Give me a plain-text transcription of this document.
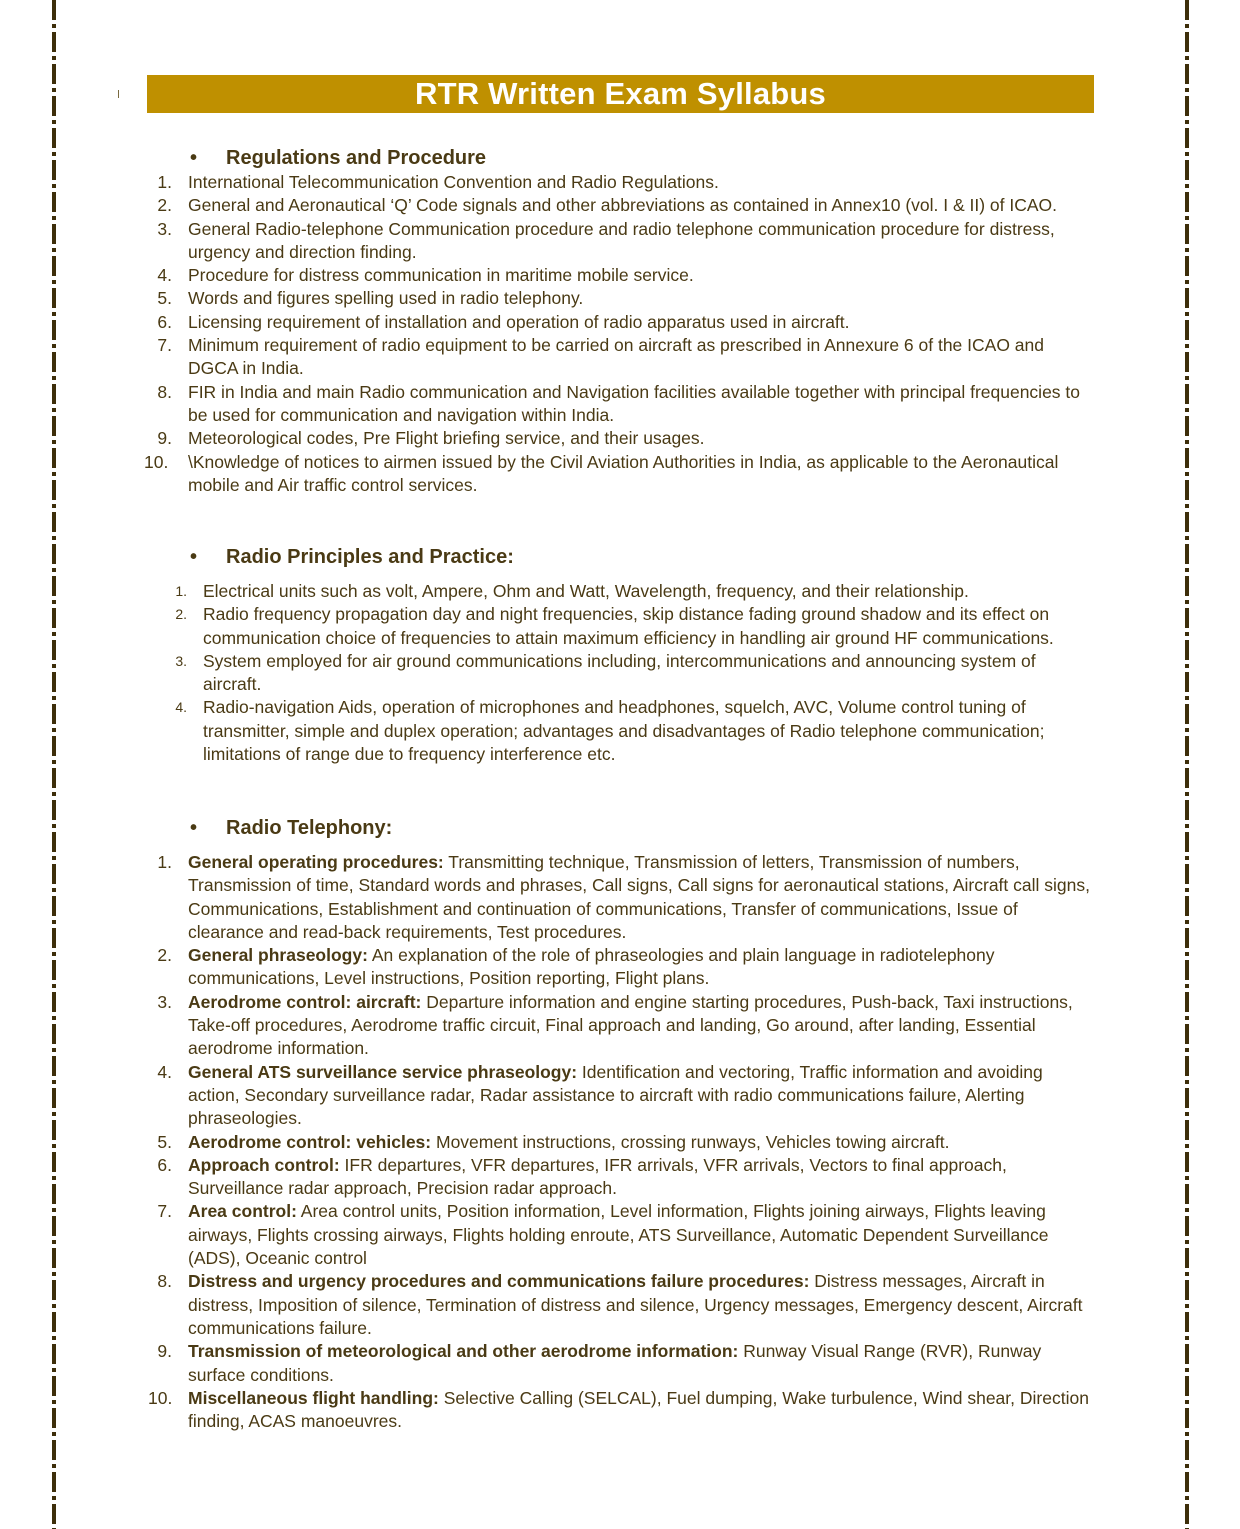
RTR Written Exam Syllabus
• Regulations and Procedure
1. International Telecommunication Convention and Radio Regulations.
2. General and Aeronautical ‘Q’ Code signals and other abbreviations as contained in Annex10 (vol. I & II) of ICAO.
3. General Radio-telephone Communication procedure and radio telephone communication procedure for distress, urgency and direction finding.
4. Procedure for distress communication in maritime mobile service.
5. Words and figures spelling used in radio telephony.
6. Licensing requirement of installation and operation of radio apparatus used in aircraft.
7. Minimum requirement of radio equipment to be carried on aircraft as prescribed in Annexure 6 of the ICAO and DGCA in India.
8. FIR in India and main Radio communication and Navigation facilities available together with principal frequencies to be used for communication and navigation within India.
9. Meteorological codes, Pre Flight briefing service, and their usages.
10. \Knowledge of notices to airmen issued by the Civil Aviation Authorities in India, as applicable to the Aeronautical mobile and Air traffic control services.
• Radio Principles and Practice:
1. Electrical units such as volt, Ampere, Ohm and Watt, Wavelength, frequency, and their relationship.
2. Radio frequency propagation day and night frequencies, skip distance fading ground shadow and its effect on communication choice of frequencies to attain maximum efficiency in handling air ground HF communications.
3. System employed for air ground communications including, intercommunications and announcing system of aircraft.
4. Radio-navigation Aids, operation of microphones and headphones, squelch, AVC, Volume control tuning of transmitter, simple and duplex operation; advantages and disadvantages of Radio telephone communication; limitations of range due to frequency interference etc.
• Radio Telephony:
1. General operating procedures: Transmitting technique, Transmission of letters, Transmission of numbers, Transmission of time, Standard words and phrases, Call signs, Call signs for aeronautical stations, Aircraft call signs, Communications, Establishment and continuation of communications, Transfer of communications, Issue of clearance and read-back requirements, Test procedures.
2. General phraseology: An explanation of the role of phraseologies and plain language in radiotelephony communications, Level instructions, Position reporting, Flight plans.
3. Aerodrome control: aircraft: Departure information and engine starting procedures, Push-back, Taxi instructions, Take-off procedures, Aerodrome traffic circuit, Final approach and landing, Go around, after landing, Essential aerodrome information.
4. General ATS surveillance service phraseology: Identification and vectoring, Traffic information and avoiding action, Secondary surveillance radar, Radar assistance to aircraft with radio communications failure, Alerting phraseologies.
5. Aerodrome control: vehicles: Movement instructions, crossing runways, Vehicles towing aircraft.
6. Approach control: IFR departures, VFR departures, IFR arrivals, VFR arrivals, Vectors to final approach, Surveillance radar approach, Precision radar approach.
7. Area control: Area control units, Position information, Level information, Flights joining airways, Flights leaving airways, Flights crossing airways, Flights holding enroute, ATS Surveillance, Automatic Dependent Surveillance (ADS), Oceanic control
8. Distress and urgency procedures and communications failure procedures: Distress messages, Aircraft in distress, Imposition of silence, Termination of distress and silence, Urgency messages, Emergency descent, Aircraft communications failure.
9. Transmission of meteorological and other aerodrome information: Runway Visual Range (RVR), Runway surface conditions.
10. Miscellaneous flight handling: Selective Calling (SELCAL), Fuel dumping, Wake turbulence, Wind shear, Direction finding, ACAS manoeuvres.
